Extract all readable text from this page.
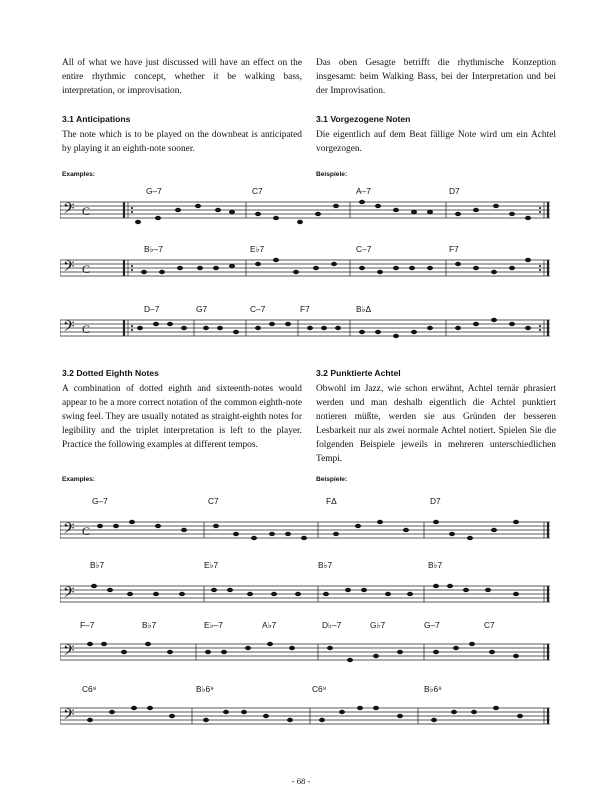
All of what we have just discussed will have an effect on the entire rhythmic concept, whether it be walking bass, interpretation, or improvisation.
Das oben Gesagte betrifft die rhythmische Konzeption insgesamt: beim Walking Bass, bei der Interpretation und bei der Improvisation.
3.1 Anticipations	3.1 Vorgezogene Noten
The note which is to be played on the downbeat is anticipated by playing it an eighth-note sooner.
Die eigentlich auf dem Beat fällige Note wird um ein Achtel vorgezogen.
Examples:	Beispiele:
G–7	C7	A–7	D7
𝄢 C
B♭–7	E♭7	C–7	F7
𝄢 C
D–7	G7	C–7	F7	B♭Δ
𝄢 C
3.2 Dotted Eighth Notes	3.2 Punktierte Achtel
A combination of dotted eighth and sixteenth-notes would appear to be a more correct notation of the common eighth-note swing feel. They are usually notated as straight-eighth notes for legibility and the triplet interpretation is left to the player. Practice the following examples at different tempos.
Obwohl im Jazz, wie schon erwähnt, Achtel ternär phrasiert werden und man deshalb eigentlich die Achtel punktiert notieren müßte, werden sie aus Gründen der besseren Lesbarkeit nur als zwei normale Achtel notiert. Spielen Sie die folgenden Beispiele jeweils in mehreren unterschiedlichen Tempi.
Examples:	Beispiele:
G–7	C7	FΔ	D7
𝄢 C
B♭7	E♭7	B♭7	B♭7
𝄢
F–7	B♭7	E♭–7	A♭7	D♭–7	G♭7	G–7	C7
𝄢
C6⁹	B♭6⁹	C6⁹	B♭6⁹
𝄢
- 68 -
